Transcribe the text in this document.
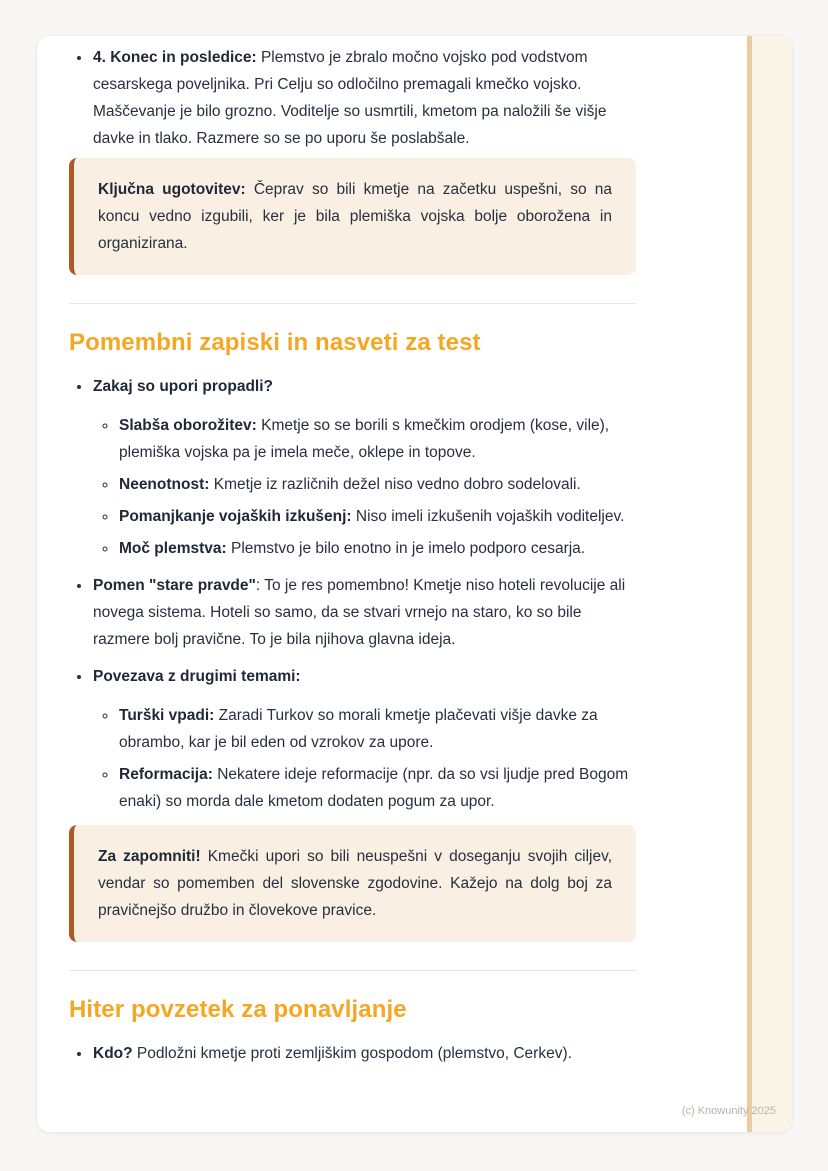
• 4. Konec in posledice: Plemstvo je zbralo močno vojsko pod vodstvom cesarskega poveljnika. Pri Celju so odločilno premagali kmečko vojsko. Maščevanje je bilo grozno. Voditelje so usmrtili, kmetom pa naložili še višje davke in tlako. Razmere so se po uporu še poslabšale.

Ključna ugotovitev: Čeprav so bili kmetje na začetku uspešni, so na koncu vedno izgubili, ker je bila plemiška vojska bolje oborožena in organizirana.

Pomembni zapiski in nasveti za test
• Zakaj so upori propadli?
◦ Slabša oborožitev: Kmetje so se borili s kmečkim orodjem (kose, vile), plemiška vojska pa je imela meče, oklepe in topove.
◦ Neenotnost: Kmetje iz različnih dežel niso vedno dobro sodelovali.
◦ Pomanjkanje vojaških izkušenj: Niso imeli izkušenih vojaških voditeljev.
◦ Moč plemstva: Plemstvo je bilo enotno in je imelo podporo cesarja.
• Pomen "stare pravde": To je res pomembno! Kmetje niso hoteli revolucije ali novega sistema. Hoteli so samo, da se stvari vrnejo na staro, ko so bile razmere bolj pravične. To je bila njihova glavna ideja.
• Povezava z drugimi temami:
◦ Turški vpadi: Zaradi Turkov so morali kmetje plačevati višje davke za obrambo, kar je bil eden od vzrokov za upore.
◦ Reformacija: Nekatere ideje reformacije (npr. da so vsi ljudje pred Bogom enaki) so morda dale kmetom dodaten pogum za upor.

Za zapomniti! Kmečki upori so bili neuspešni v doseganju svojih ciljev, vendar so pomemben del slovenske zgodovine. Kažejo na dolg boj za pravičnejšo družbo in človekove pravice.

Hiter povzetek za ponavljanje
• Kdo? Podložni kmetje proti zemljiškim gospodom (plemstvo, Cerkev).
(c) Knowunity 2025
